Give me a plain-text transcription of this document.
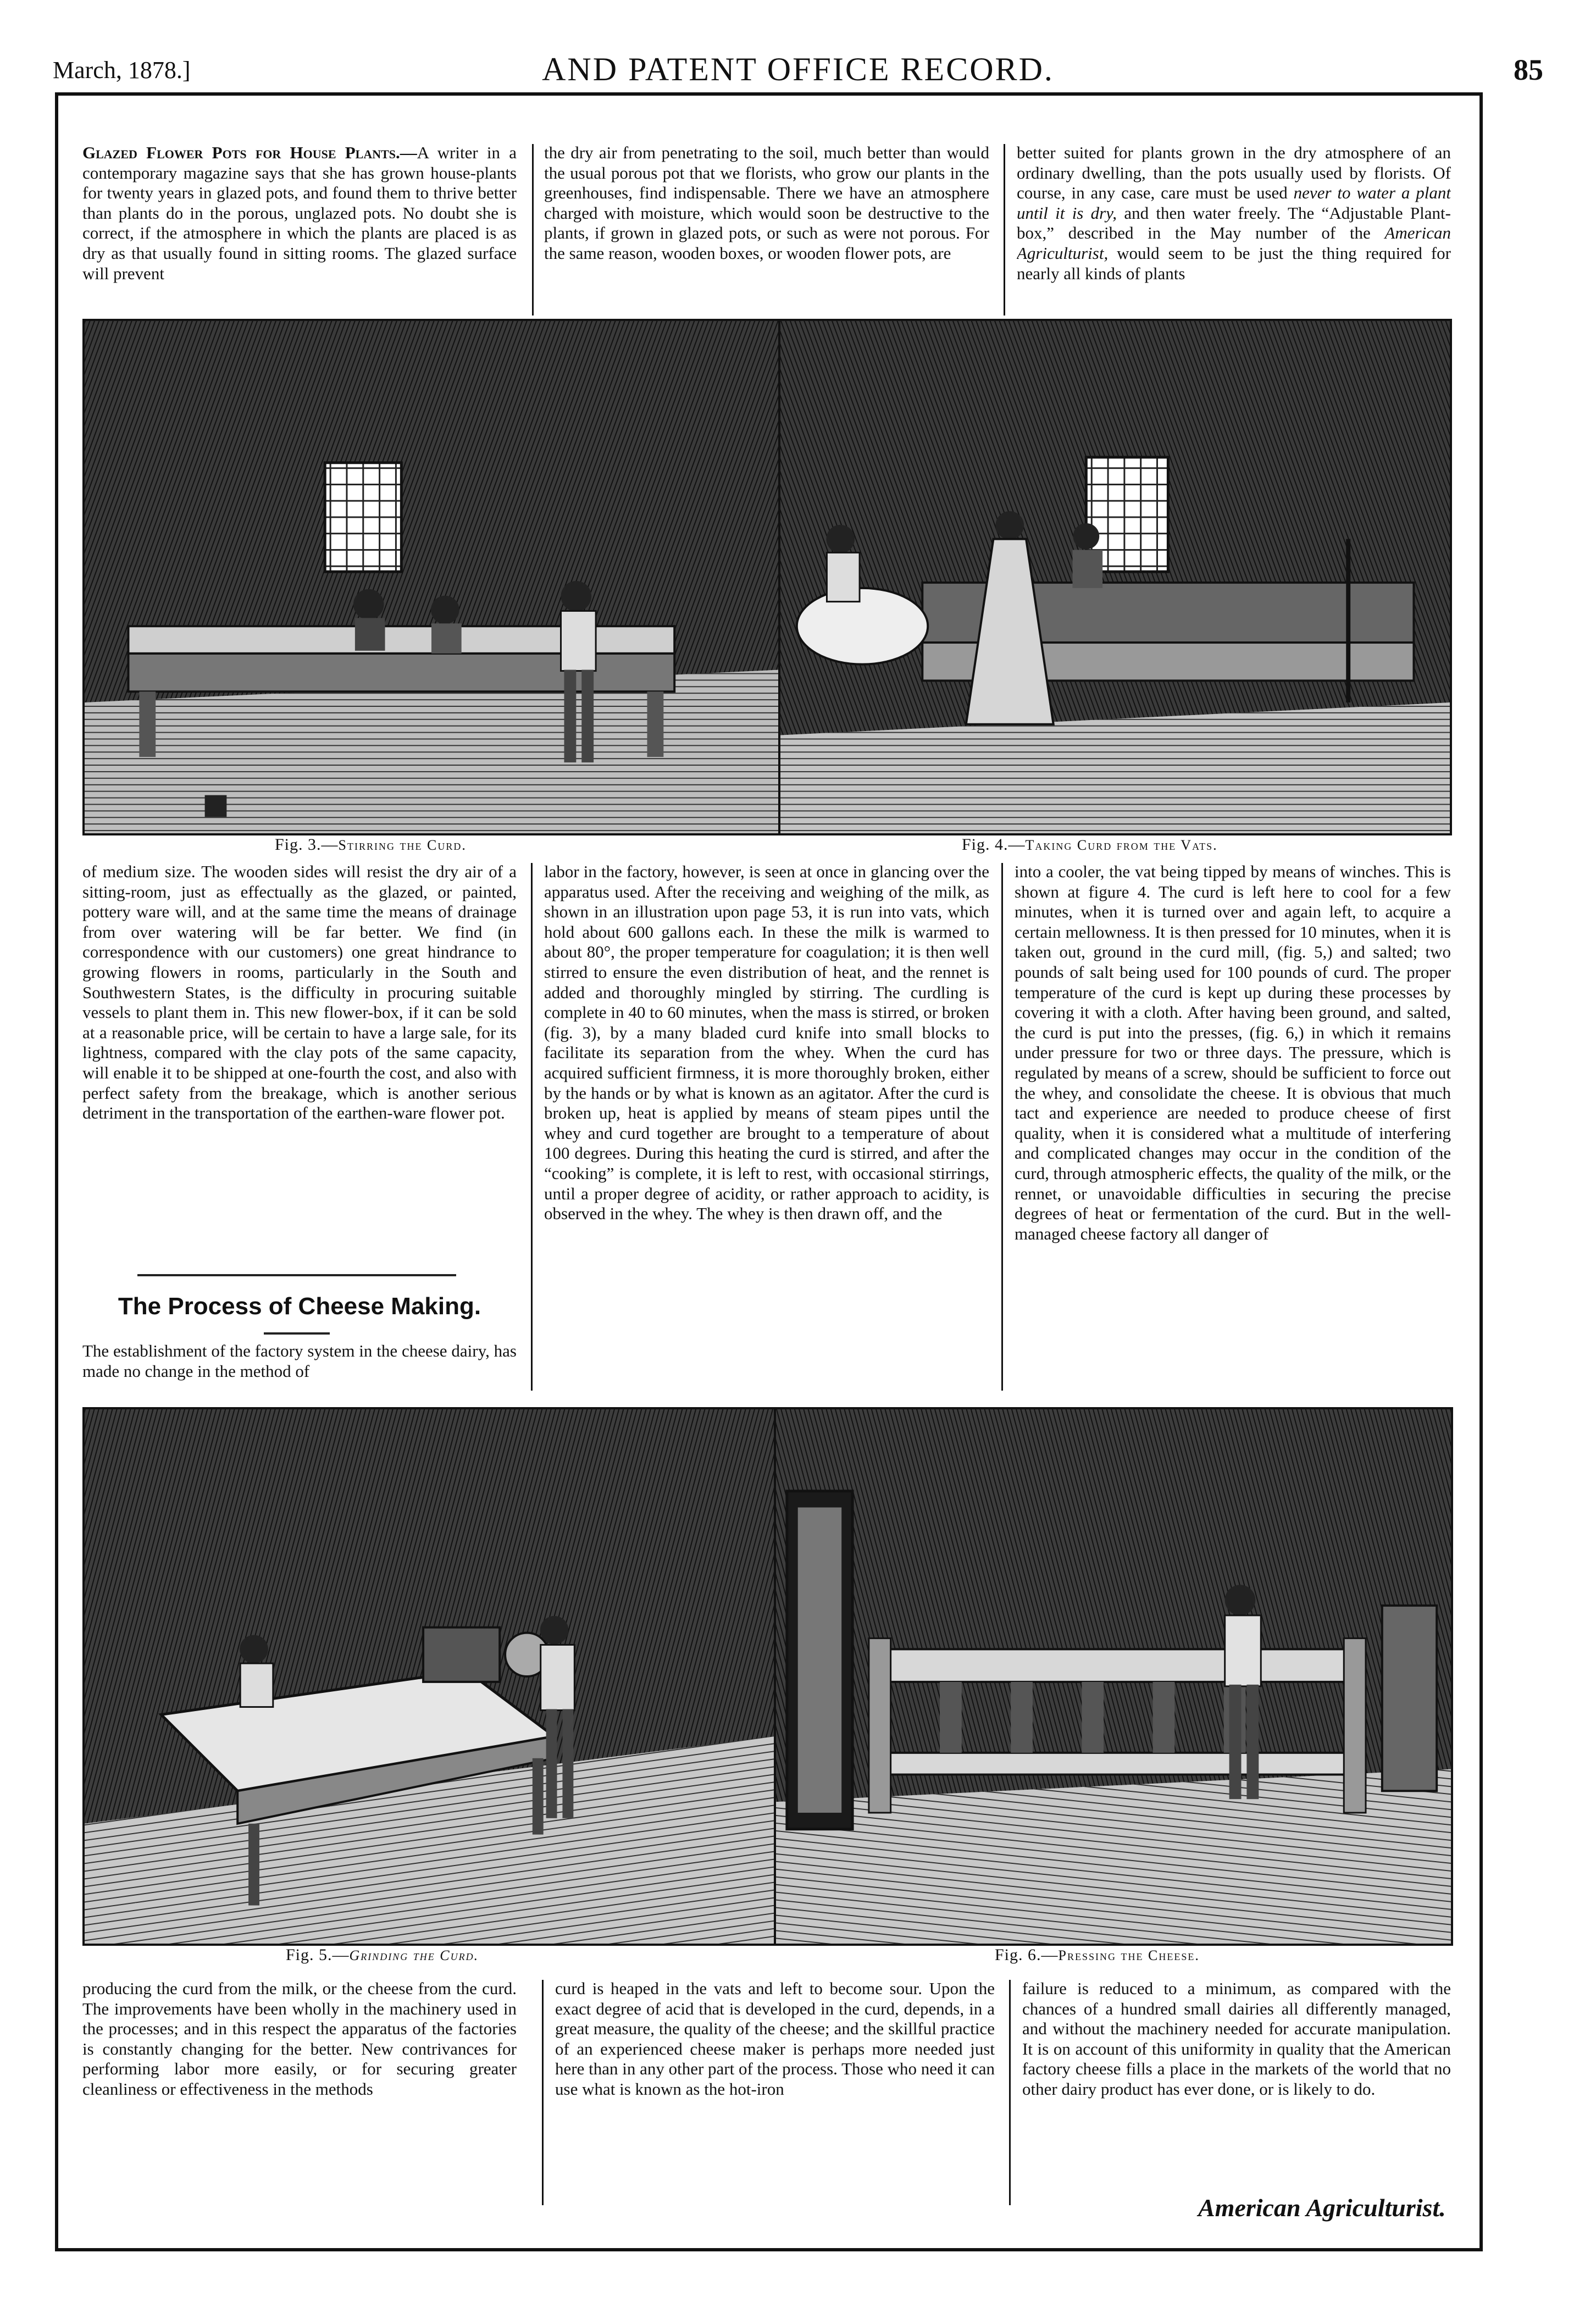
March, 1878.]	AND PATENT OFFICE RECORD.	85

Glazed Flower Pots for House Plants.—A writer in a contemporary magazine says that she has grown house-plants for twenty years in glazed pots, and found them to thrive better than plants do in the porous, unglazed pots. No doubt she is correct, if the atmosphere in which the plants are placed is as dry as that usually found in sitting rooms. The glazed surface will prevent

the dry air from penetrating to the soil, much better than would the usual porous pot that we florists, who grow our plants in the greenhouses, find indispensable. There we have an atmosphere charged with moisture, which would soon be destructive to the plants, if grown in glazed pots, or such as were not porous. For the same reason, wooden boxes, or wooden flower pots, are

better suited for plants grown in the dry atmosphere of an ordinary dwelling, than the pots usually used by florists. Of course, in any case, care must be used never to water a plant until it is dry, and then water freely. The “Adjustable Plant-box,” described in the May number of the American Agriculturist, would seem to be just the thing required for nearly all kinds of plants

Fig. 3.—Stirring the Curd.	Fig. 4.—Taking Curd from the Vats.

of medium size. The wooden sides will resist the dry air of a sitting-room, just as effectually as the glazed, or painted, pottery ware will, and at the same time the means of drainage from over watering will be far better. We find (in correspondence with our customers) one great hindrance to growing flowers in rooms, particularly in the South and Southwestern States, is the difficulty in procuring suitable vessels to plant them in. This new flower-box, if it can be sold at a reasonable price, will be certain to have a large sale, for its lightness, compared with the clay pots of the same capacity, will enable it to be shipped at one-fourth the cost, and also with perfect safety from the breakage, which is another serious detriment in the transportation of the earthen-ware flower pot.

The Process of Cheese Making.

The establishment of the factory system in the cheese dairy, has made no change in the method of

labor in the factory, however, is seen at once in glancing over the apparatus used. After the receiving and weighing of the milk, as shown in an illustration upon page 53, it is run into vats, which hold about 600 gallons each. In these the milk is warmed to about 80°, the proper temperature for coagulation; it is then well stirred to ensure the even distribution of heat, and the rennet is added and thoroughly mingled by stirring. The curdling is complete in 40 to 60 minutes, when the mass is stirred, or broken (fig. 3), by a many bladed curd knife into small blocks to facilitate its separation from the whey. When the curd has acquired sufficient firmness, it is more thoroughly broken, either by the hands or by what is known as an agitator. After the curd is broken up, heat is applied by means of steam pipes until the whey and curd together are brought to a temperature of about 100 degrees. During this heating the curd is stirred, and after the “cooking” is complete, it is left to rest, with occasional stirrings, until a proper degree of acidity, or rather approach to acidity, is observed in the whey. The whey is then drawn off, and the

into a cooler, the vat being tipped by means of winches. This is shown at figure 4. The curd is left here to cool for a few minutes, when it is turned over and again left, to acquire a certain mellowness. It is then pressed for 10 minutes, when it is taken out, ground in the curd mill, (fig. 5,) and salted; two pounds of salt being used for 100 pounds of curd. The proper temperature of the curd is kept up during these processes by covering it with a cloth. After having been ground, and salted, the curd is put into the presses, (fig. 6,) in which it remains under pressure for two or three days. The pressure, which is regulated by means of a screw, should be sufficient to force out the whey, and consolidate the cheese. It is obvious that much tact and experience are needed to produce cheese of first quality, when it is considered what a multitude of interfering and complicated changes may occur in the condition of the curd, through atmospheric effects, the quality of the milk, or the rennet, or unavoidable difficulties in securing the precise degrees of heat or fermentation of the curd. But in the well-managed cheese factory all danger of

Fig. 5.—Grinding the Curd.	Fig. 6.—Pressing the Cheese.

producing the curd from the milk, or the cheese from the curd. The improvements have been wholly in the machinery used in the processes; and in this respect the apparatus of the factories is constantly changing for the better. New contrivances for performing labor more easily, or for securing greater cleanliness or effectiveness in the methods

curd is heaped in the vats and left to become sour. Upon the exact degree of acid that is developed in the curd, depends, in a great measure, the quality of the cheese; and the skillful practice of an experienced cheese maker is perhaps more needed just here than in any other part of the process. Those who need it can use what is known as the hot-iron

failure is reduced to a minimum, as compared with the chances of a hundred small dairies all differently managed, and without the machinery needed for accurate manipulation. It is on account of this uniformity in quality that the American factory cheese fills a place in the markets of the world that no other dairy product has ever done, or is likely to do.

American Agriculturist.
